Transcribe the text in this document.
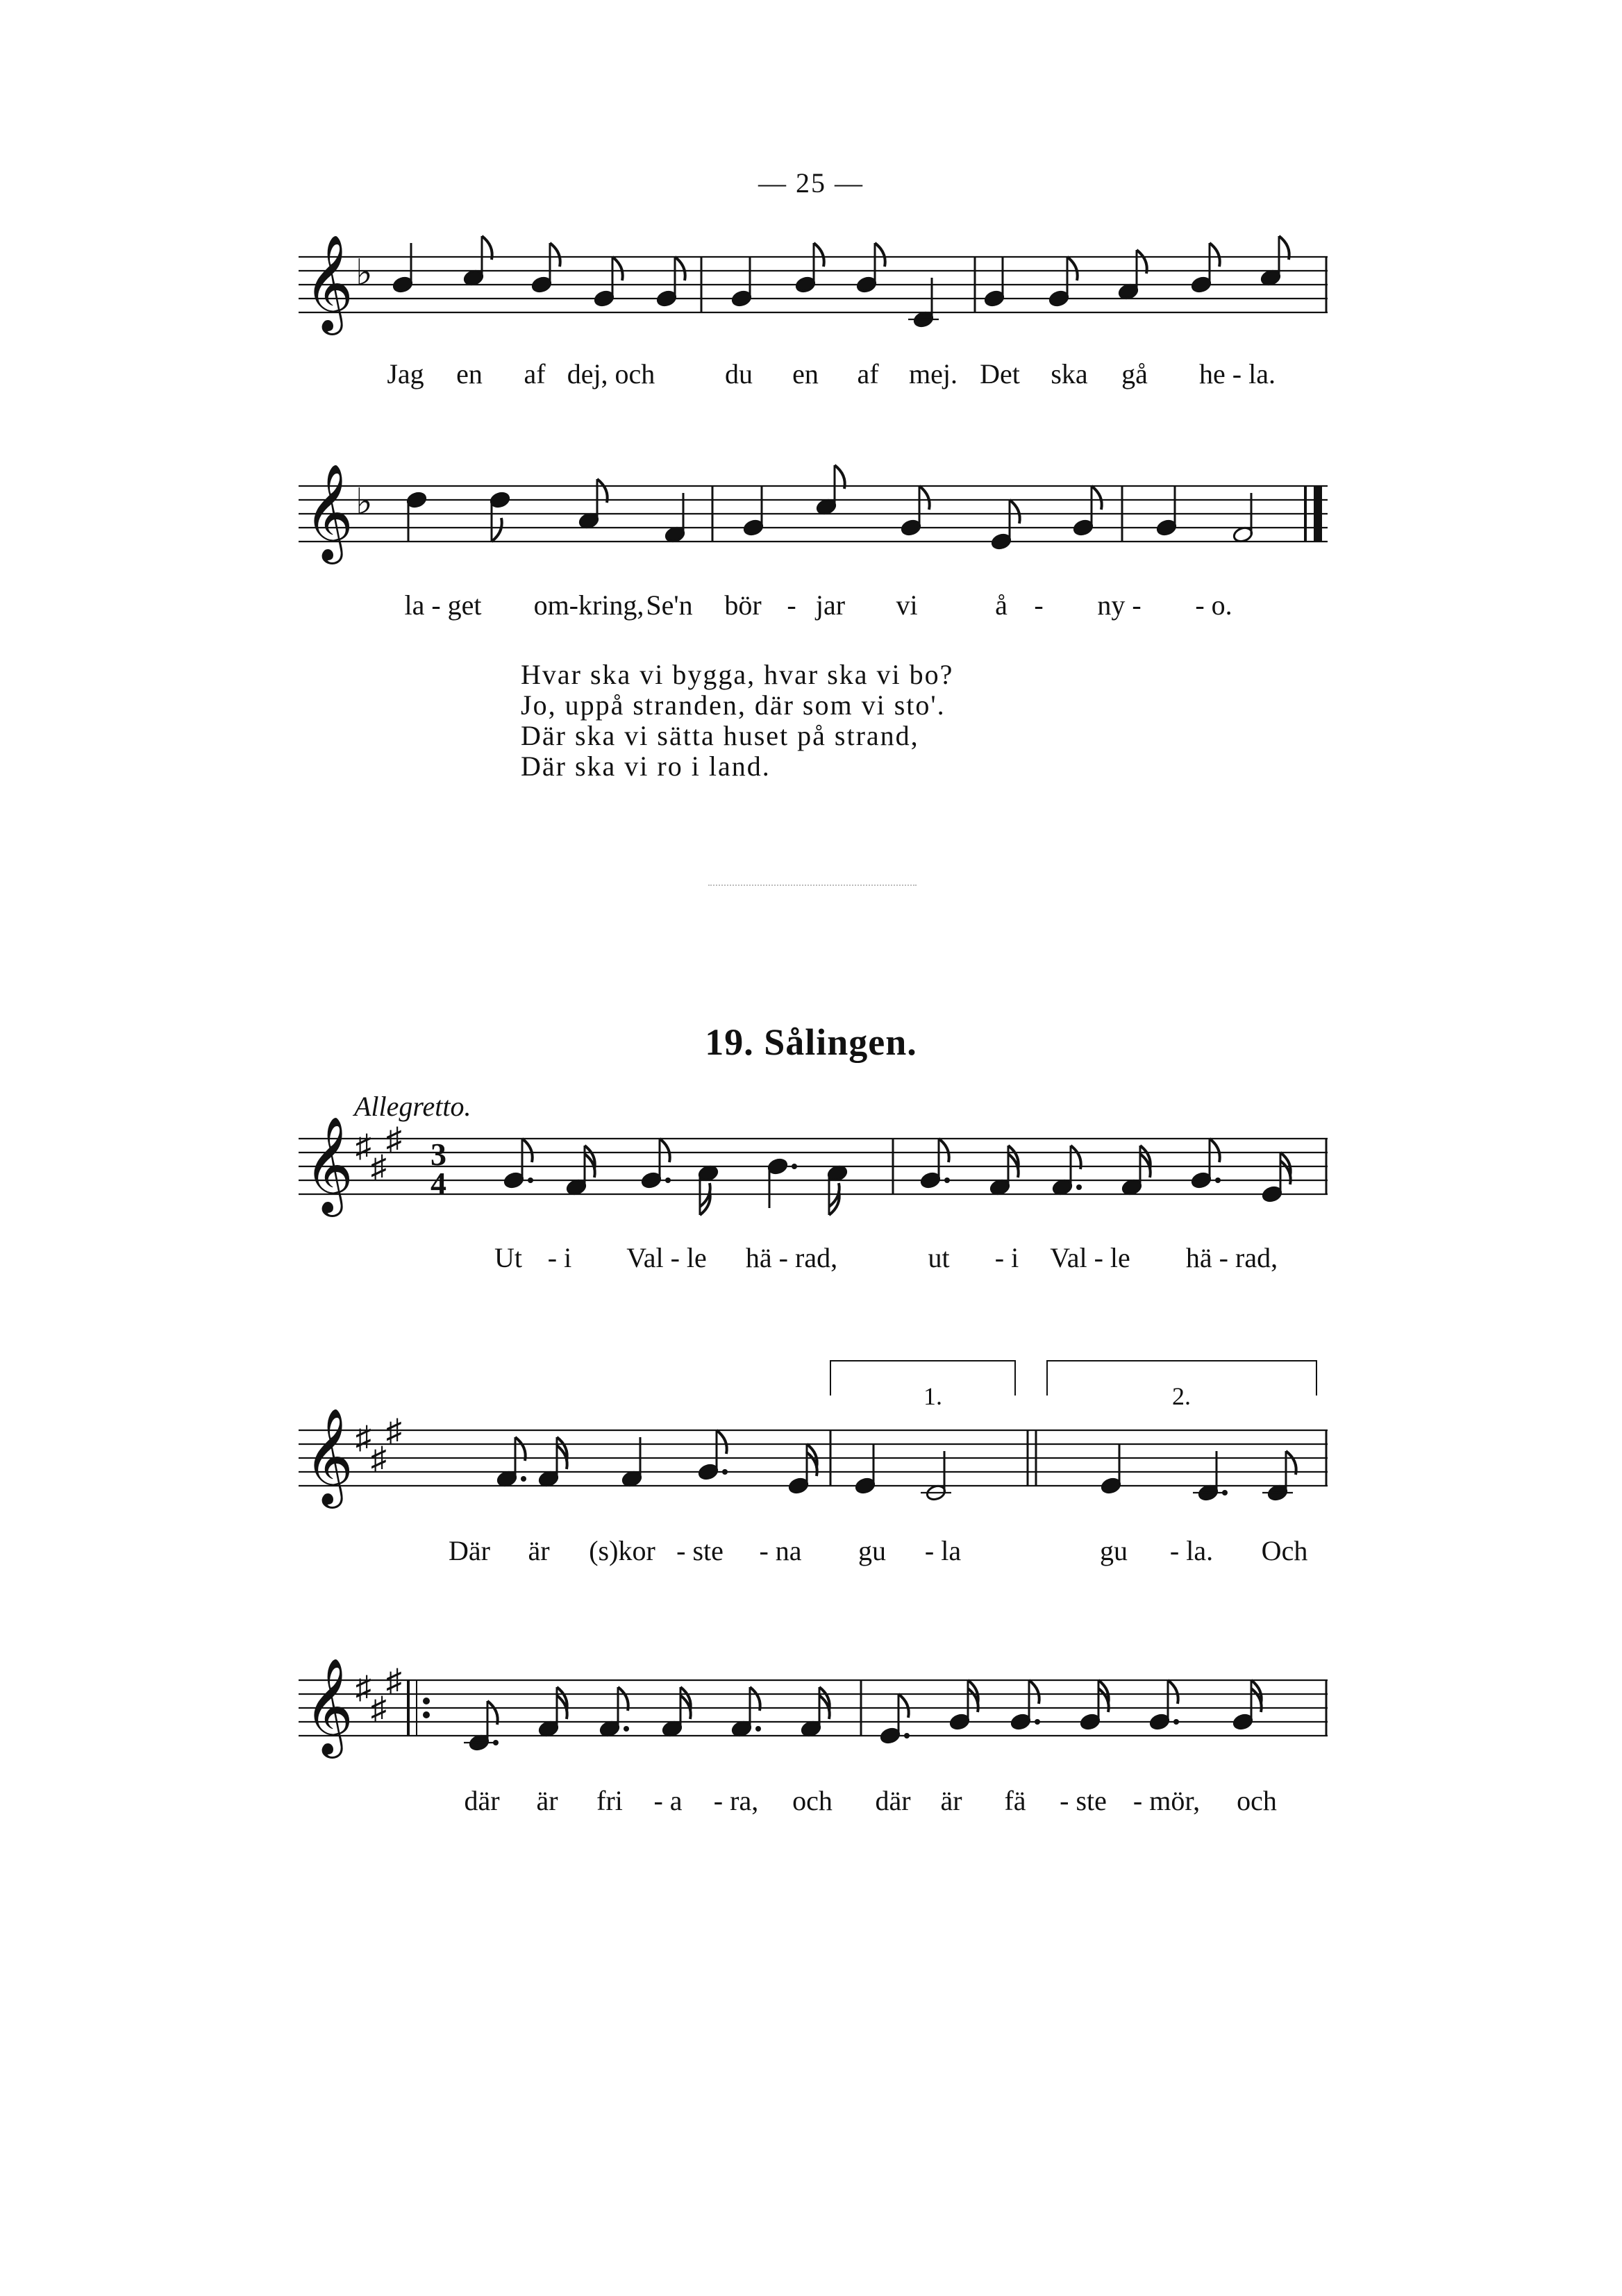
— 25 —
𝄞 ♭
𝄞 ♭
𝄞 ♯
♯
♯ 3
4
𝄞 ♯
♯
♯
𝄞 ♯
♯
♯
Jag en af dej, och	du en af mej. Det ska gå he - la.
la - get om-kring, Se'n bör - jar vi	å - ny - - o.
Ut - i Val - le hä - rad,	ut - i Val - le hä - rad,
Där är (s)kor - ste - na gu - la	gu - la. Och
där är fri - a - ra, och där är fä - ste - mör, och
Hvar ska vi bygga, hvar ska vi bo?
Jo, uppå stranden, där som vi sto'.
Där ska vi sätta huset på strand,
Där ska vi ro i land.
19. Sålingen.
Allegretto.
1.	2.
